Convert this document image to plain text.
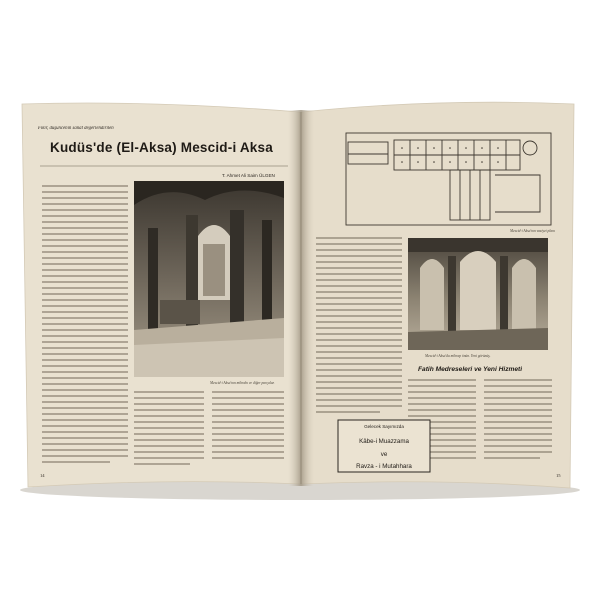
Fikir, düşüncenin sanat değerlendirilen
Kudüs'de (El-Aksa) Mescid-i Aksa
T. Ahmet Ali Saim ÜLGEN
Mescid-i Aksa'nın mihrabı ve diğer parçalar.
Mescid-i Aksa'nın vaziyet planı
Mescid-i Aksa'da mihrap önün. Yeni görünüş.
Fatih Medreseleri ve Yeni Hizmeti
Gelecek Sayımızda
Kâbe-i Muazzama
ve
Ravza - i Mutahhara
14	15
